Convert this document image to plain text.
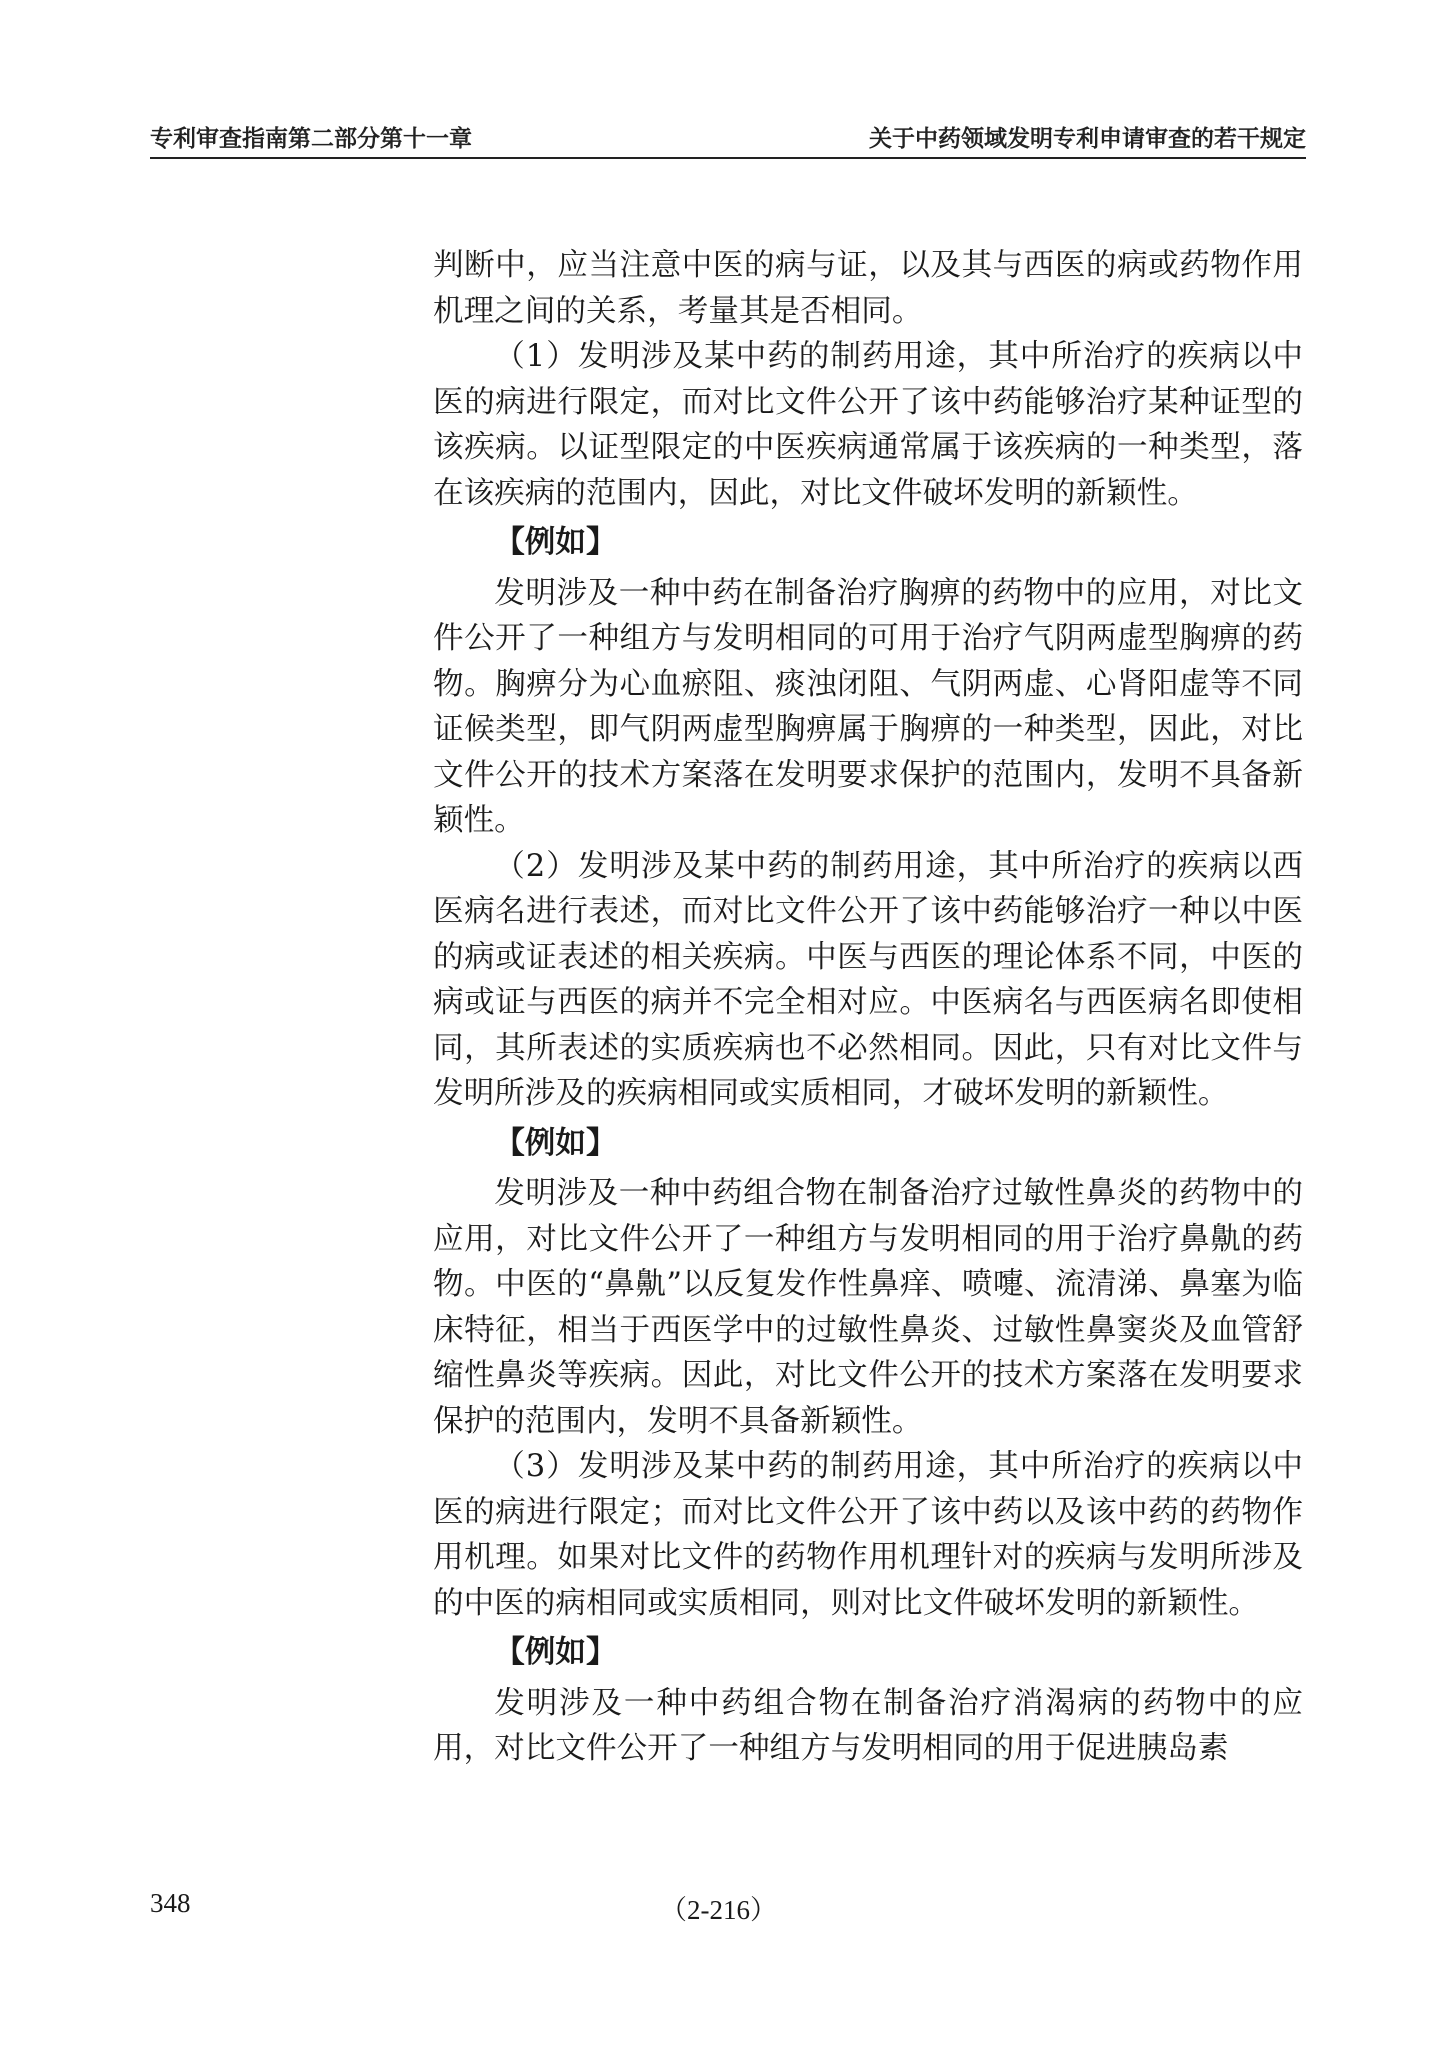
专利审查指南第二部分第十一章	关于中药领域发明专利申请审查的若干规定

判断中，应当注意中医的病与证，以及其与西医的病或药物作用机理之间的关系，考量其是否相同。

（1）发明涉及某中药的制药用途，其中所治疗的疾病以中医的病进行限定，而对比文件公开了该中药能够治疗某种证型的该疾病。以证型限定的中医疾病通常属于该疾病的一种类型，落在该疾病的范围内，因此，对比文件破坏发明的新颖性。

【例如】

发明涉及一种中药在制备治疗胸痹的药物中的应用，对比文件公开了一种组方与发明相同的可用于治疗气阴两虚型胸痹的药物。胸痹分为心血瘀阻、痰浊闭阻、气阴两虚、心肾阳虚等不同证候类型，即气阴两虚型胸痹属于胸痹的一种类型，因此，对比文件公开的技术方案落在发明要求保护的范围内，发明不具备新颖性。

（2）发明涉及某中药的制药用途，其中所治疗的疾病以西医病名进行表述，而对比文件公开了该中药能够治疗一种以中医的病或证表述的相关疾病。中医与西医的理论体系不同，中医的病或证与西医的病并不完全相对应。中医病名与西医病名即使相同，其所表述的实质疾病也不必然相同。因此，只有对比文件与发明所涉及的疾病相同或实质相同，才破坏发明的新颖性。

【例如】

发明涉及一种中药组合物在制备治疗过敏性鼻炎的药物中的应用，对比文件公开了一种组方与发明相同的用于治疗鼻鼽的药物。中医的“鼻鼽”以反复发作性鼻痒、喷嚏、流清涕、鼻塞为临床特征，相当于西医学中的过敏性鼻炎、过敏性鼻窦炎及血管舒缩性鼻炎等疾病。因此，对比文件公开的技术方案落在发明要求保护的范围内，发明不具备新颖性。

（3）发明涉及某中药的制药用途，其中所治疗的疾病以中医的病进行限定；而对比文件公开了该中药以及该中药的药物作用机理。如果对比文件的药物作用机理针对的疾病与发明所涉及的中医的病相同或实质相同，则对比文件破坏发明的新颖性。

【例如】

发明涉及一种中药组合物在制备治疗消渴病的药物中的应用，对比文件公开了一种组方与发明相同的用于促进胰岛素

348	（2-216）
